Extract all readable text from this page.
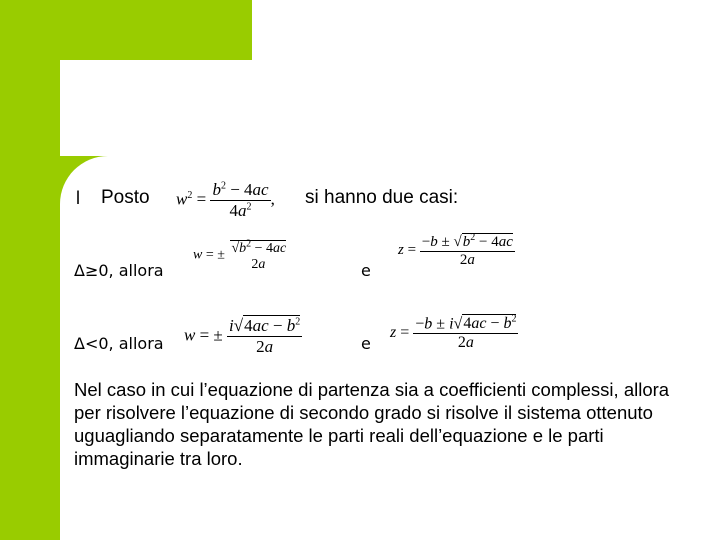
l Posto $w^2 = \frac{b^2 - 4ac}{4a^2}$ , si hanno due casi:
Δ≥0, allora
w = ± $√b^2 - 4ac$
2a	e
$z = \frac{-b \pm √b^2 - 4ac}{2a}$
Δ<0, allora w = ± $\frac{i√4ac - b^2}{2a}$	e
$z = \frac{-b \pm i√4ac - b^2}{2a}$
Nel caso in cui l’equazione di partenza sia a coefficienti complessi, allora per risolvere l’equazione di secondo grado si risolve il sistema ottenuto uguagliando separatamente le parti reali dell’equazione e le parti immaginarie tra loro.
